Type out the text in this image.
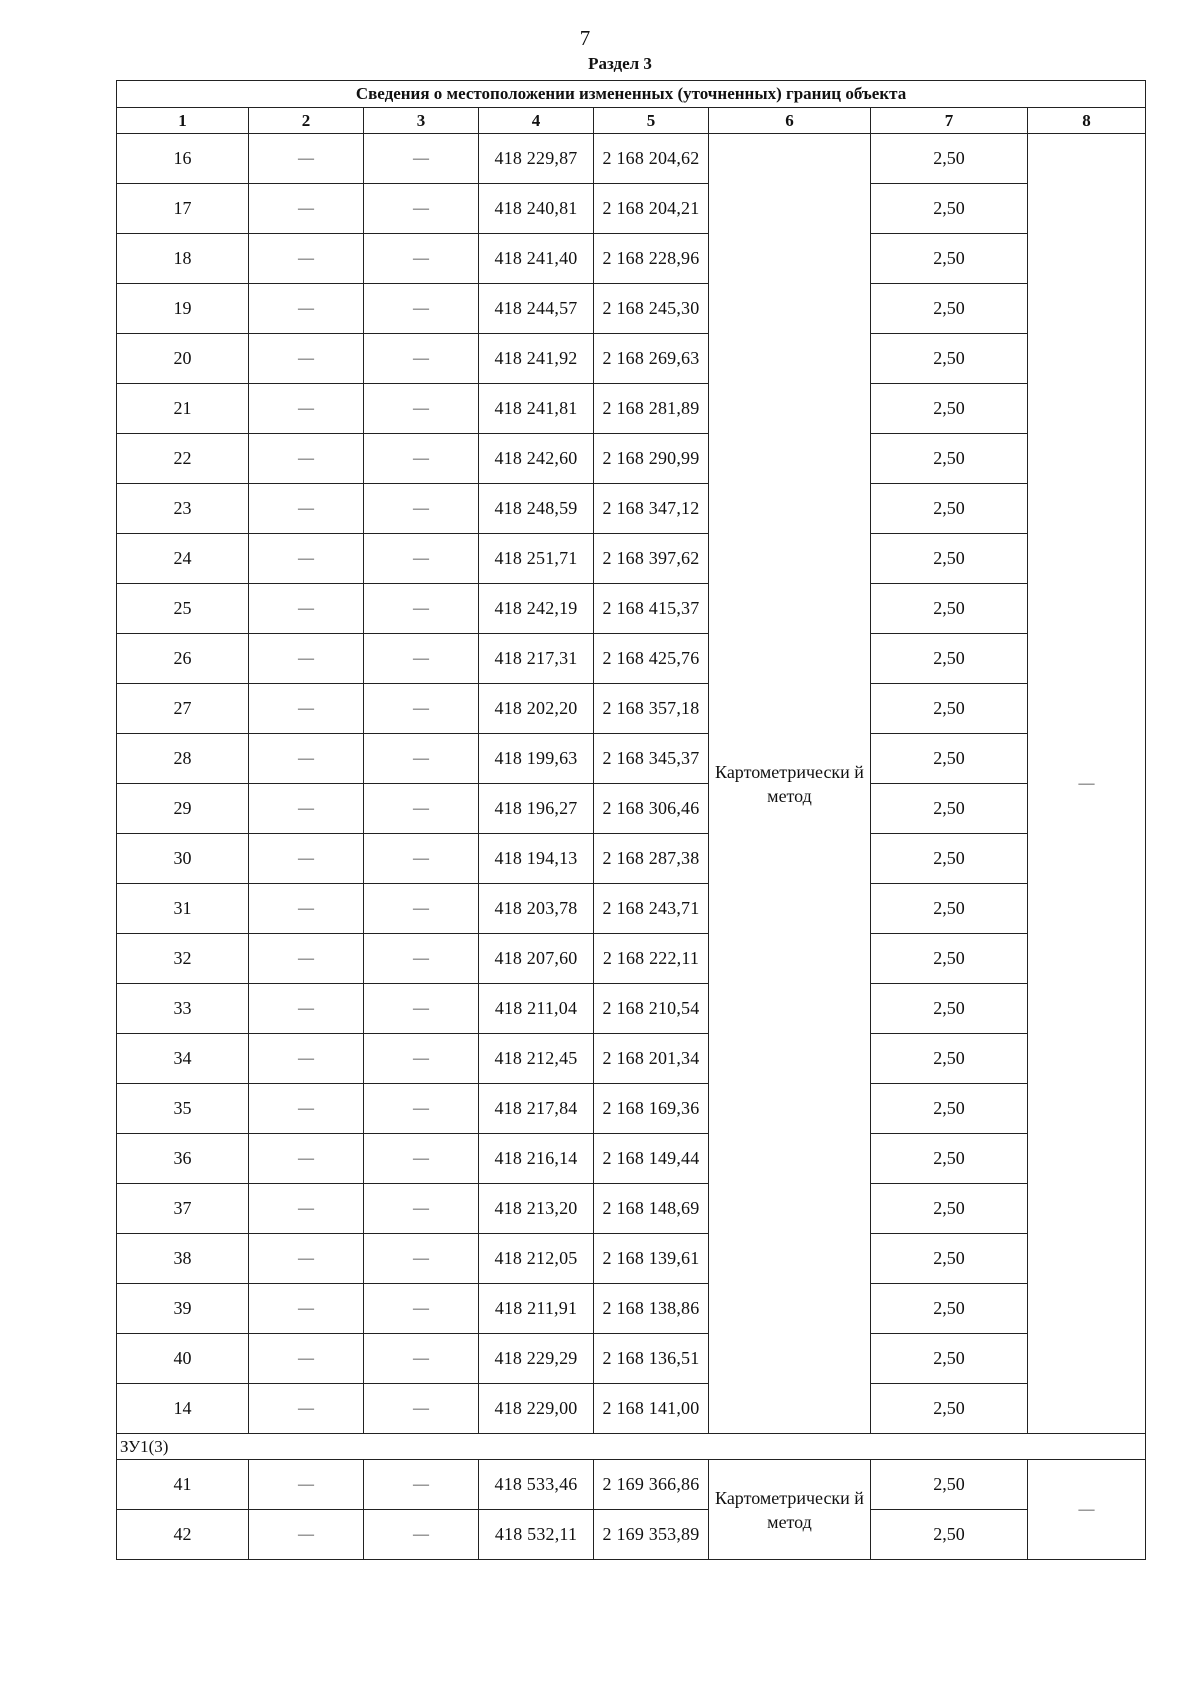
7
Раздел 3
Сведения о местоположении измененных (уточненных) границ объекта							
1	2	3	4	5	6	7	8
16	—	—	418 229,87	2 168 204,62	Картометрически й метод	2,50	—
17	—	—	418 240,81	2 168 204,21		2,50	
18	—	—	418 241,40	2 168 228,96		2,50	
19	—	—	418 244,57	2 168 245,30		2,50	
20	—	—	418 241,92	2 168 269,63		2,50	
21	—	—	418 241,81	2 168 281,89		2,50	
22	—	—	418 242,60	2 168 290,99		2,50	
23	—	—	418 248,59	2 168 347,12		2,50	
24	—	—	418 251,71	2 168 397,62		2,50	
25	—	—	418 242,19	2 168 415,37		2,50	
26	—	—	418 217,31	2 168 425,76		2,50	
27	—	—	418 202,20	2 168 357,18		2,50	
28	—	—	418 199,63	2 168 345,37		2,50	
29	—	—	418 196,27	2 168 306,46		2,50	
30	—	—	418 194,13	2 168 287,38		2,50	
31	—	—	418 203,78	2 168 243,71		2,50	
32	—	—	418 207,60	2 168 222,11		2,50	
33	—	—	418 211,04	2 168 210,54		2,50	
34	—	—	418 212,45	2 168 201,34		2,50	
35	—	—	418 217,84	2 168 169,36		2,50	
36	—	—	418 216,14	2 168 149,44		2,50	
37	—	—	418 213,20	2 168 148,69		2,50	
38	—	—	418 212,05	2 168 139,61		2,50	
39	—	—	418 211,91	2 168 138,86		2,50	
40	—	—	418 229,29	2 168 136,51		2,50	
14	—	—	418 229,00	2 168 141,00		2,50	
ЗУ1(3)							
41	—	—	418 533,46	2 169 366,86	Картометрически й метод	2,50	—
42	—	—	418 532,11	2 169 353,89		2,50	
